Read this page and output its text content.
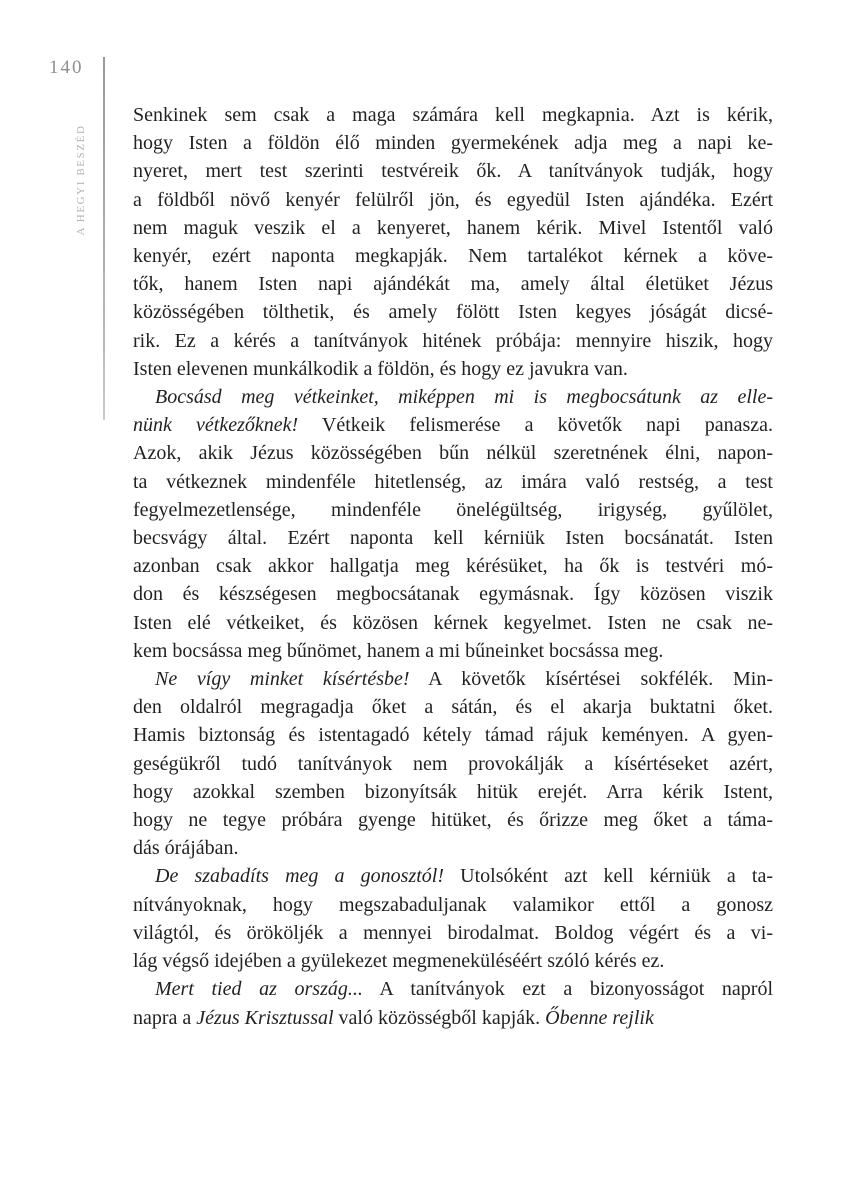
140
A HEGYI BESZÉD
Senkinek sem csak a maga számára kell megkapnia. Azt is kérik,
hogy Isten a földön élő minden gyermekének adja meg a napi ke-
nyeret, mert test szerinti testvéreik ők. A tanítványok tudják, hogy
a földből növő kenyér felülről jön, és egyedül Isten ajándéka. Ezért
nem maguk veszik el a kenyeret, hanem kérik. Mivel Istentől való
kenyér, ezért naponta megkapják. Nem tartalékot kérnek a köve-
tők, hanem Isten napi ajándékát ma, amely által életüket Jézus
közösségében tölthetik, és amely fölött Isten kegyes jóságát dicsé-
rik. Ez a kérés a tanítványok hitének próbája: mennyire hiszik, hogy
Isten elevenen munkálkodik a földön, és hogy ez javukra van.
Bocsásd meg vétkeinket, miképpen mi is megbocsátunk az elle-
nünk vétkezőknek! Vétkeik felismerése a követők napi panasza.
Azok, akik Jézus közösségében bűn nélkül szeretnének élni, napon-
ta vétkeznek mindenféle hitetlenség, az imára való restség, a test
fegyelmezetlensége, mindenféle önelégültség, irigység, gyűlölet,
becsvágy által. Ezért naponta kell kérniük Isten bocsánatát. Isten
azonban csak akkor hallgatja meg kérésüket, ha ők is testvéri mó-
don és készségesen megbocsátanak egymásnak. Így közösen viszik
Isten elé vétkeiket, és közösen kérnek kegyelmet. Isten ne csak ne-
kem bocsássa meg bűnömet, hanem a mi bűneinket bocsássa meg.
Ne vígy minket kísértésbe! A követők kísértései sokfélék. Min-
den oldalról megragadja őket a sátán, és el akarja buktatni őket.
Hamis biztonság és istentagadó kétely támad rájuk keményen. A gyen-
geségükről tudó tanítványok nem provokálják a kísértéseket azért,
hogy azokkal szemben bizonyítsák hitük erejét. Arra kérik Istent,
hogy ne tegye próbára gyenge hitüket, és őrizze meg őket a táma-
dás órájában.
De szabadíts meg a gonosztól! Utolsóként azt kell kérniük a ta-
nítványoknak, hogy megszabaduljanak valamikor ettől a gonosz
világtól, és örököljék a mennyei birodalmat. Boldog végért és a vi-
lág végső idejében a gyülekezet megmeneküléséért szóló kérés ez.
Mert tied az ország... A tanítványok ezt a bizonyosságot napról
napra a Jézus Krisztussal való közösségből kapják. Őbenne rejlik
